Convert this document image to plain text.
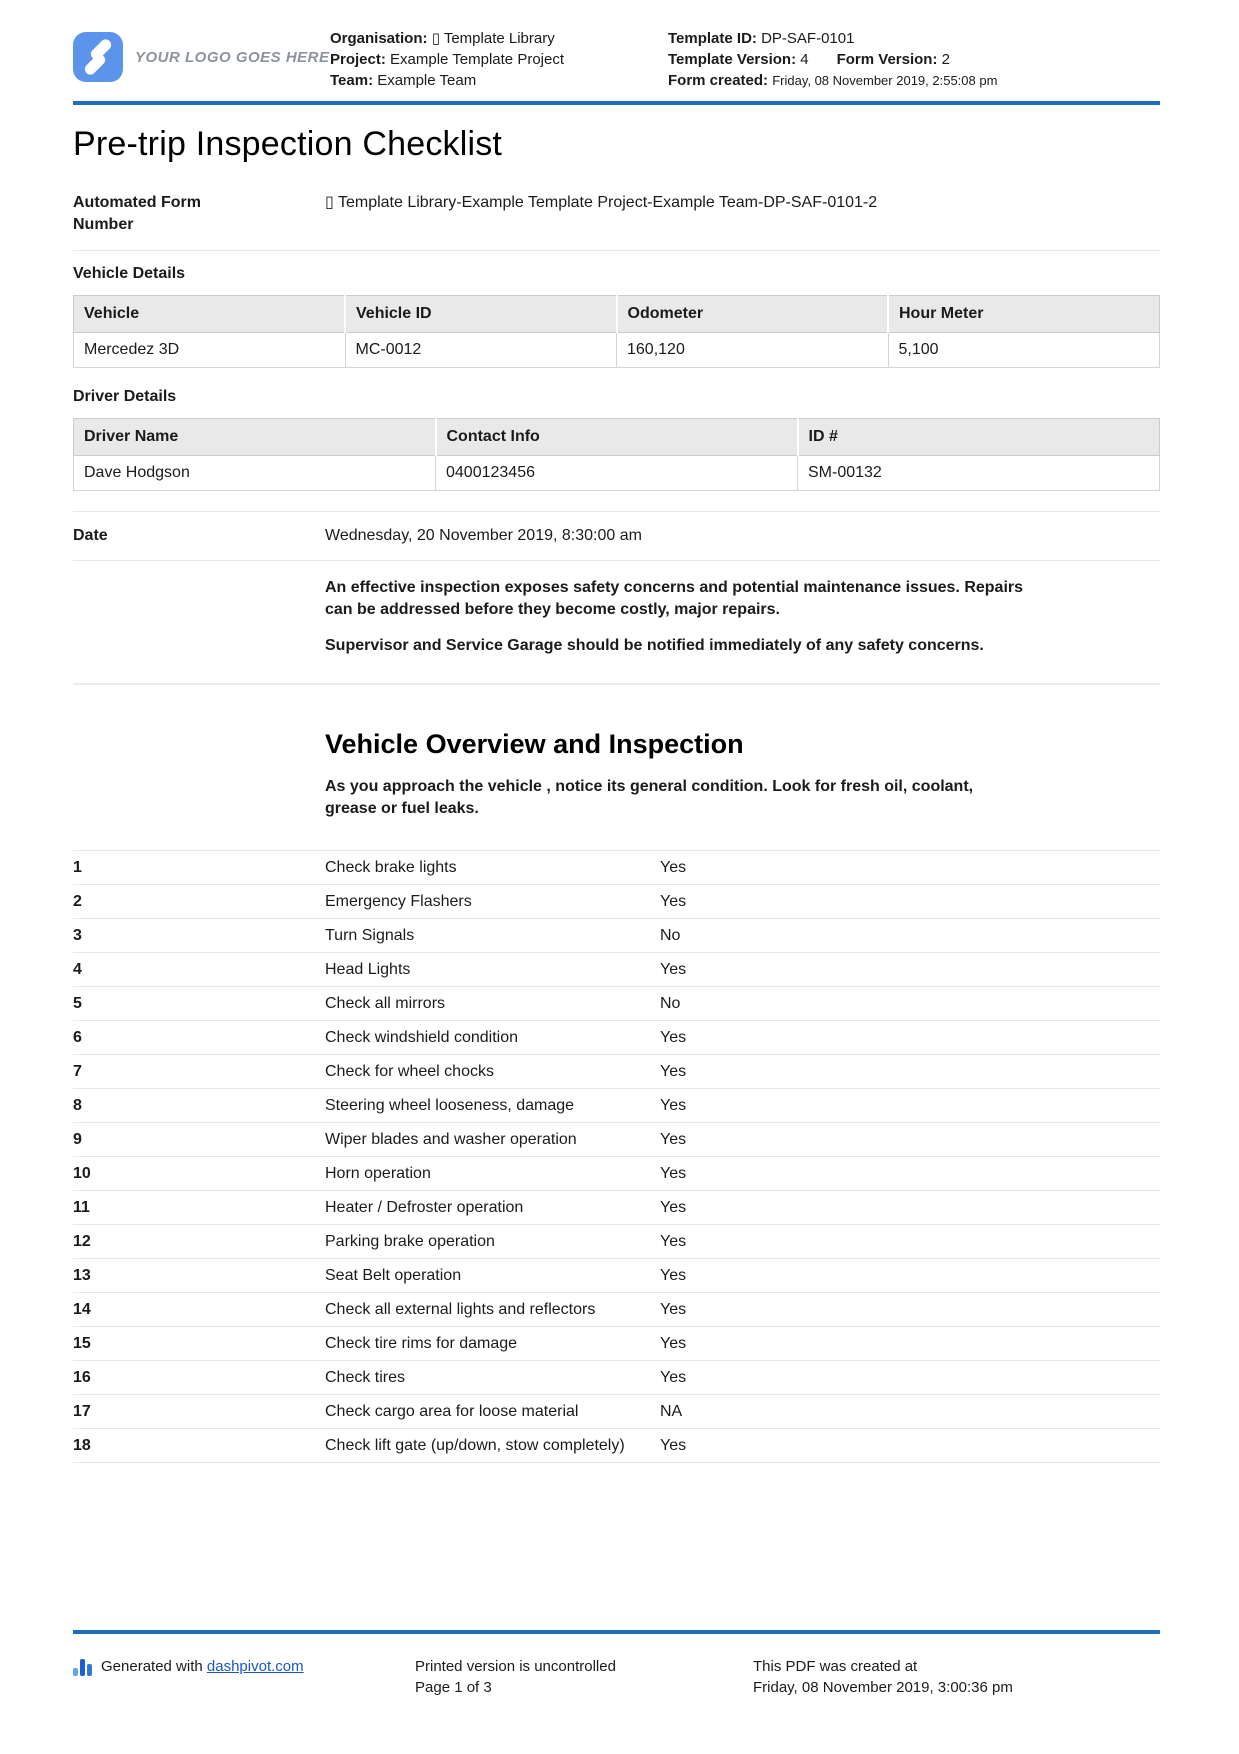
YOUR LOGO GOES HERE
Organisation: ▯ Template Library
Project: Example Template Project
Team: Example Team
Template ID: DP-SAF-0101
Template Version: 4 Form Version: 2
Form created: Friday, 08 November 2019, 2:55:08 pm
Pre-trip Inspection Checklist
Automated Form Number
▯ Template Library-Example Template Project-Example Team-DP-SAF-0101-2
Vehicle Details
Vehicle	Vehicle ID	Odometer	Hour Meter
Mercedez 3D	MC-0012	160,120	5,100
Driver Details
Driver Name	Contact Info	ID #
Dave Hodgson	0400123456	SM-00132
Date	Wednesday, 20 November 2019, 8:30:00 am

An effective inspection exposes safety concerns and potential maintenance issues. Repairs can be addressed before they become costly, major repairs.

Supervisor and Service Garage should be notified immediately of any safety concerns.

Vehicle Overview and Inspection
As you approach the vehicle , notice its general condition. Look for fresh oil, coolant, grease or fuel leaks.
1	Check brake lights	Yes
2	Emergency Flashers	Yes
3	Turn Signals	No
4	Head Lights	Yes
5	Check all mirrors	No
6	Check windshield condition	Yes
7	Check for wheel chocks	Yes
8	Steering wheel looseness, damage	Yes
9	Wiper blades and washer operation	Yes
10	Horn operation	Yes
11	Heater / Defroster operation	Yes
12	Parking brake operation	Yes
13	Seat Belt operation	Yes
14	Check all external lights and reflectors	Yes
15	Check tire rims for damage	Yes
16	Check tires	Yes
17	Check cargo area for loose material	NA
18	Check lift gate (up/down, stow completely)	Yes
Generated with dashpivot.com	Printed version is uncontrolled
Page 1 of 3
This PDF was created at
Friday, 08 November 2019, 3:00:36 pm
